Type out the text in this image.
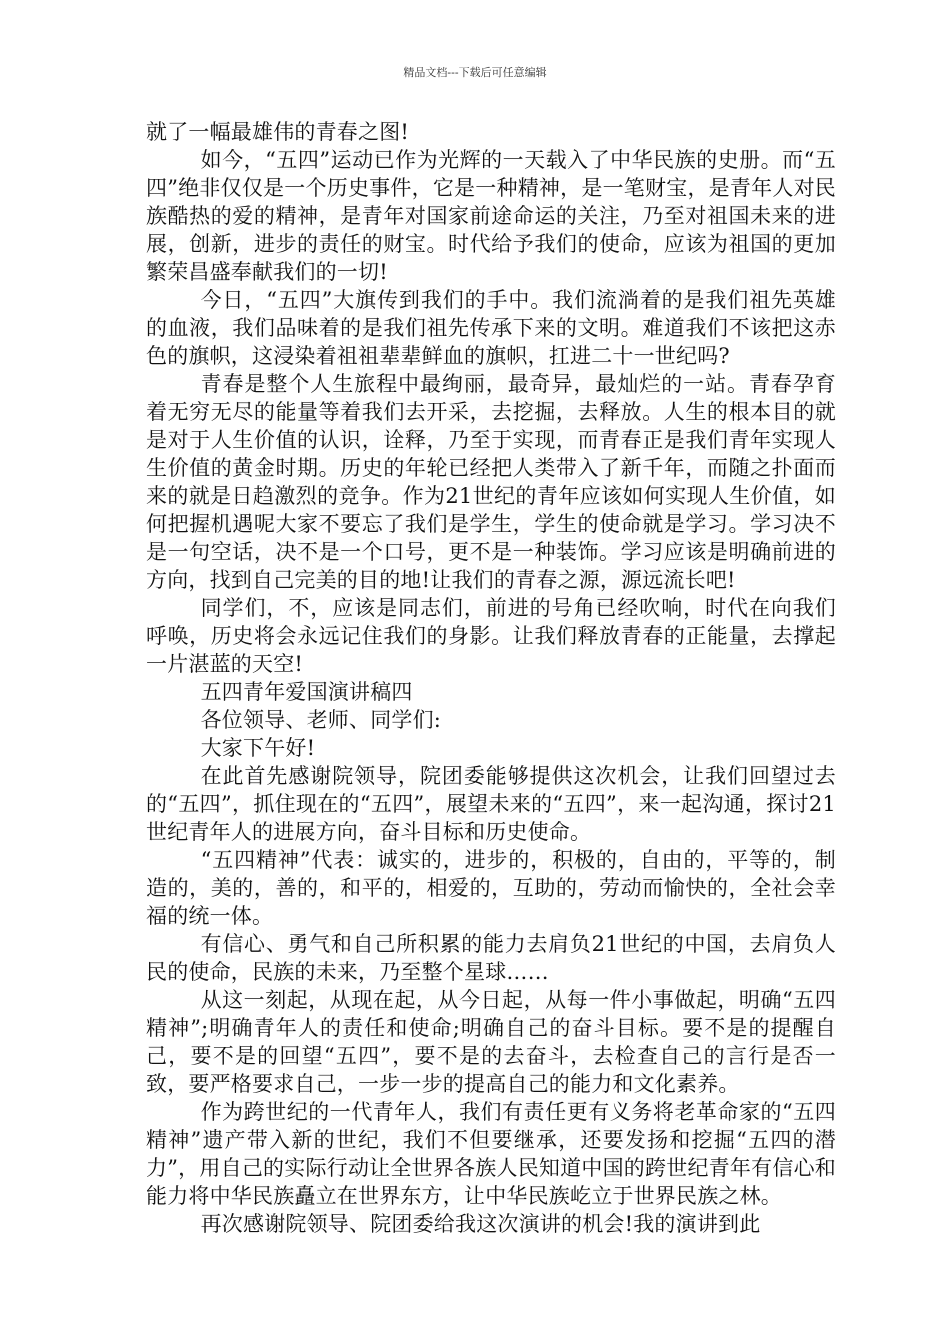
精品文档---下载后可任意编辑

就了一幅最雄伟的青春之图!

如今，“五四”运动已作为光辉的一天载入了中华民族的史册。而“五四”绝非仅仅是一个历史事件，它是一种精神，是一笔财宝，是青年人对民族酷热的爱的精神，是青年对国家前途命运的关注，乃至对祖国未来的进展，创新，进步的责任的财宝。时代给予我们的使命，应该为祖国的更加繁荣昌盛奉献我们的一切!

今日，“五四”大旗传到我们的手中。我们流淌着的是我们祖先英雄的血液，我们品味着的是我们祖先传承下来的文明。难道我们不该把这赤色的旗帜，这浸染着祖祖辈辈鲜血的旗帜，扛进二十一世纪吗?

青春是整个人生旅程中最绚丽，最奇异，最灿烂的一站。青春孕育着无穷无尽的能量等着我们去开采，去挖掘，去释放。人生的根本目的就是对于人生价值的认识，诠释，乃至于实现，而青春正是我们青年实现人生价值的黄金时期。历史的年轮已经把人类带入了新千年，而随之扑面而来的就是日趋激烈的竞争。作为21世纪的青年应该如何实现人生价值，如何把握机遇呢大家不要忘了我们是学生，学生的使命就是学习。学习决不是一句空话，决不是一个口号，更不是一种装饰。学习应该是明确前进的方向，找到自己完美的目的地!让我们的青春之源，源远流长吧!

同学们，不，应该是同志们，前进的号角已经吹响，时代在向我们呼唤，历史将会永远记住我们的身影。让我们释放青春的正能量，去撑起一片湛蓝的天空!

五四青年爱国演讲稿四

各位领导、老师、同学们:

大家下午好!

在此首先感谢院领导，院团委能够提供这次机会，让我们回望过去的“五四”，抓住现在的“五四”，展望未来的“五四”，来一起沟通，探讨21世纪青年人的进展方向，奋斗目标和历史使命。

“五四精神”代表：诚实的，进步的，积极的，自由的，平等的，制造的，美的，善的，和平的，相爱的，互助的，劳动而愉快的，全社会幸福的统一体。

有信心、勇气和自己所积累的能力去肩负21世纪的中国，去肩负人民的使命，民族的未来，乃至整个星球……

从这一刻起，从现在起，从今日起，从每一件小事做起，明确“五四精神”;明确青年人的责任和使命;明确自己的奋斗目标。要不是的提醒自己，要不是的回望“五四”，要不是的去奋斗，去检查自己的言行是否一致，要严格要求自己，一步一步的提高自己的能力和文化素养。

作为跨世纪的一代青年人，我们有责任更有义务将老革命家的“五四精神”遗产带入新的世纪，我们不但要继承，还要发扬和挖掘“五四的潜力”，用自己的实际行动让全世界各族人民知道中国的跨世纪青年有信心和能力将中华民族矗立在世界东方，让中华民族屹立于世界民族之林。

再次感谢院领导、院团委给我这次演讲的机会!我的演讲到此
